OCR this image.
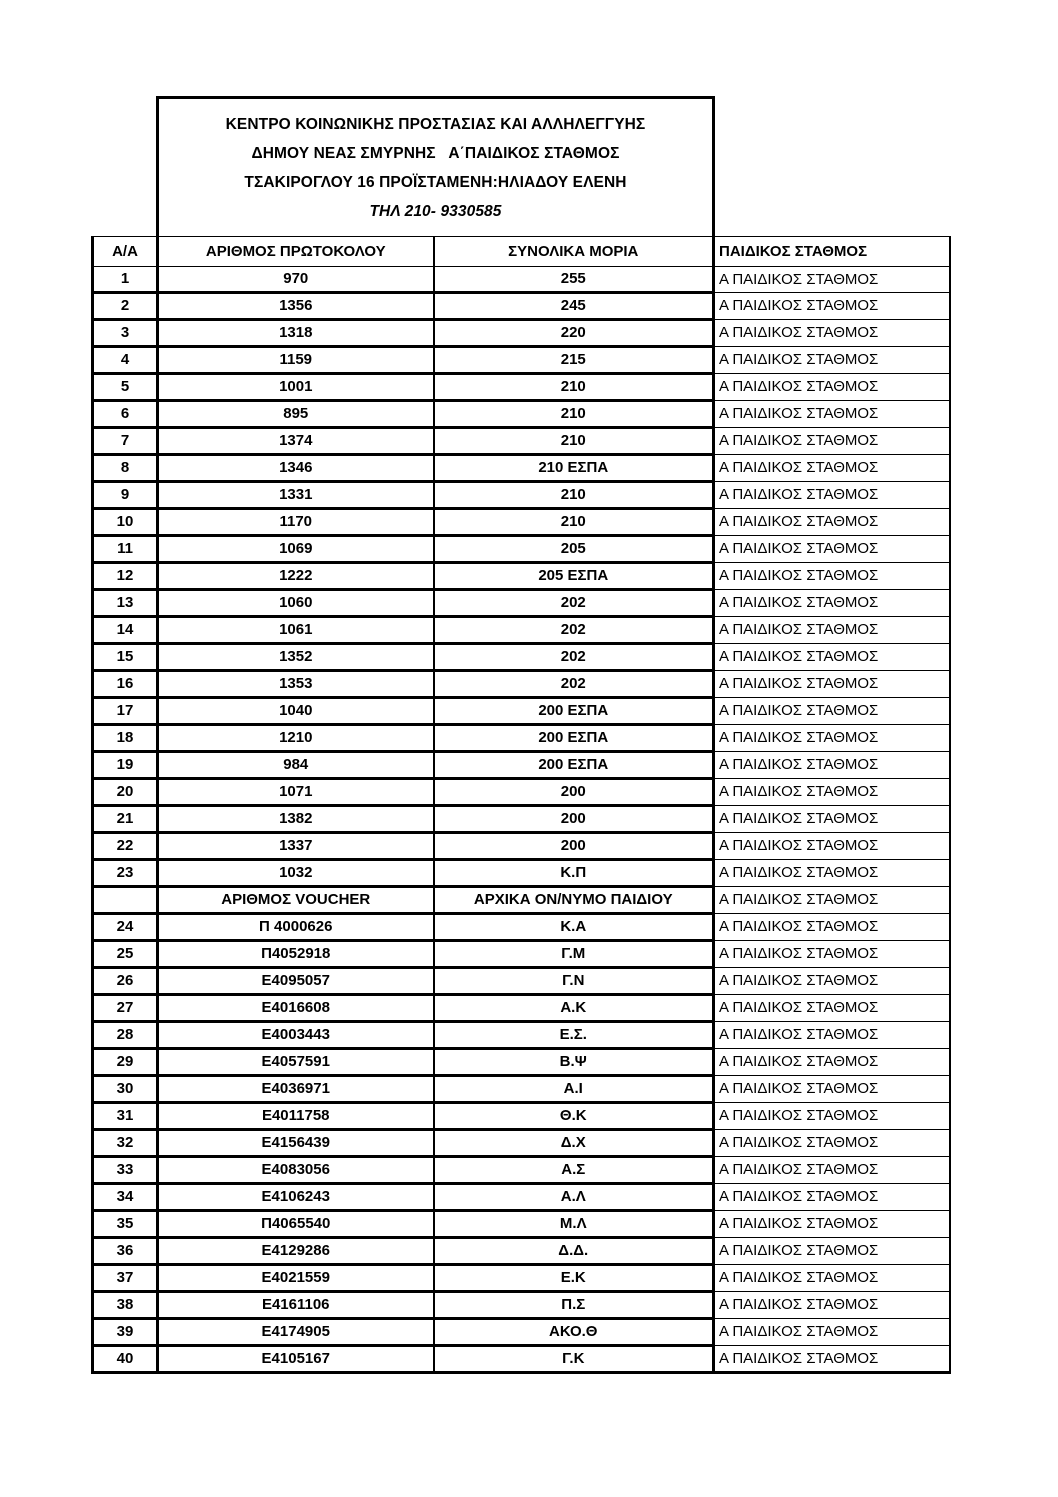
ΚΕΝΤΡΟ ΚΟΙΝΩΝΙΚΗΣ ΠΡΟΣΤΑΣΙΑΣ ΚΑΙ ΑΛΛΗΛΕΓΓΥΗΣ
ΔΗΜΟΥ ΝΕΑΣ ΣΜΥΡΝΗΣ   Α΄ΠΑΙΔΙΚΟΣ ΣΤΑΘΜΟΣ
ΤΣΑΚΙΡΟΓΛΟΥ 16 ΠΡΟΪΣΤΑΜΕΝΗ:ΗΛΙΑΔΟΥ ΕΛΕΝΗ
ΤΗΛ 210- 9330585
Α/Α	ΑΡΙΘΜΟΣ ΠΡΩΤΟΚΟΛΟΥ	ΣΥΝΟΛΙΚΑ ΜΟΡΙΑ	ΠΑΙΔΙΚΟΣ ΣΤΑΘΜΟΣ
1	970	255	Α ΠΑΙΔΙΚΟΣ ΣΤΑΘΜΟΣ
2	1356	245	Α ΠΑΙΔΙΚΟΣ ΣΤΑΘΜΟΣ
3	1318	220	Α ΠΑΙΔΙΚΟΣ ΣΤΑΘΜΟΣ
4	1159	215	Α ΠΑΙΔΙΚΟΣ ΣΤΑΘΜΟΣ
5	1001	210	Α ΠΑΙΔΙΚΟΣ ΣΤΑΘΜΟΣ
6	895	210	Α ΠΑΙΔΙΚΟΣ ΣΤΑΘΜΟΣ
7	1374	210	Α ΠΑΙΔΙΚΟΣ ΣΤΑΘΜΟΣ
8	1346	210 ΕΣΠΑ	Α ΠΑΙΔΙΚΟΣ ΣΤΑΘΜΟΣ
9	1331	210	Α ΠΑΙΔΙΚΟΣ ΣΤΑΘΜΟΣ
10	1170	210	Α ΠΑΙΔΙΚΟΣ ΣΤΑΘΜΟΣ
11	1069	205	Α ΠΑΙΔΙΚΟΣ ΣΤΑΘΜΟΣ
12	1222	205 ΕΣΠΑ	Α ΠΑΙΔΙΚΟΣ ΣΤΑΘΜΟΣ
13	1060	202	Α ΠΑΙΔΙΚΟΣ ΣΤΑΘΜΟΣ
14	1061	202	Α ΠΑΙΔΙΚΟΣ ΣΤΑΘΜΟΣ
15	1352	202	Α ΠΑΙΔΙΚΟΣ ΣΤΑΘΜΟΣ
16	1353	202	Α ΠΑΙΔΙΚΟΣ ΣΤΑΘΜΟΣ
17	1040	200 ΕΣΠΑ	Α ΠΑΙΔΙΚΟΣ ΣΤΑΘΜΟΣ
18	1210	200 ΕΣΠΑ	Α ΠΑΙΔΙΚΟΣ ΣΤΑΘΜΟΣ
19	984	200 ΕΣΠΑ	Α ΠΑΙΔΙΚΟΣ ΣΤΑΘΜΟΣ
20	1071	200	Α ΠΑΙΔΙΚΟΣ ΣΤΑΘΜΟΣ
21	1382	200	Α ΠΑΙΔΙΚΟΣ ΣΤΑΘΜΟΣ
22	1337	200	Α ΠΑΙΔΙΚΟΣ ΣΤΑΘΜΟΣ
23	1032	Κ.Π	Α ΠΑΙΔΙΚΟΣ ΣΤΑΘΜΟΣ
	ΑΡΙΘΜΟΣ VOUCHER	ΑΡΧΙΚΑ ΟΝ/ΝΥΜΟ ΠΑΙΔΙΟΥ	Α ΠΑΙΔΙΚΟΣ ΣΤΑΘΜΟΣ
24	Π 4000626	Κ.Α	Α ΠΑΙΔΙΚΟΣ ΣΤΑΘΜΟΣ
25	Π4052918	Γ.Μ	Α ΠΑΙΔΙΚΟΣ ΣΤΑΘΜΟΣ
26	Ε4095057	Γ.Ν	Α ΠΑΙΔΙΚΟΣ ΣΤΑΘΜΟΣ
27	Ε4016608	Α.Κ	Α ΠΑΙΔΙΚΟΣ ΣΤΑΘΜΟΣ
28	Ε4003443	Ε.Σ.	Α ΠΑΙΔΙΚΟΣ ΣΤΑΘΜΟΣ
29	Ε4057591	Β.Ψ	Α ΠΑΙΔΙΚΟΣ ΣΤΑΘΜΟΣ
30	Ε4036971	Α.Ι	Α ΠΑΙΔΙΚΟΣ ΣΤΑΘΜΟΣ
31	Ε4011758	Θ.Κ	Α ΠΑΙΔΙΚΟΣ ΣΤΑΘΜΟΣ
32	Ε4156439	Δ.Χ	Α ΠΑΙΔΙΚΟΣ ΣΤΑΘΜΟΣ
33	Ε4083056	Α.Σ	Α ΠΑΙΔΙΚΟΣ ΣΤΑΘΜΟΣ
34	Ε4106243	Α.Λ	Α ΠΑΙΔΙΚΟΣ ΣΤΑΘΜΟΣ
35	Π4065540	Μ.Λ	Α ΠΑΙΔΙΚΟΣ ΣΤΑΘΜΟΣ
36	Ε4129286	Δ.Δ.	Α ΠΑΙΔΙΚΟΣ ΣΤΑΘΜΟΣ
37	Ε4021559	Ε.Κ	Α ΠΑΙΔΙΚΟΣ ΣΤΑΘΜΟΣ
38	Ε4161106	Π.Σ	Α ΠΑΙΔΙΚΟΣ ΣΤΑΘΜΟΣ
39	Ε4174905	ΑΚΟ.Θ	Α ΠΑΙΔΙΚΟΣ ΣΤΑΘΜΟΣ
40	Ε4105167	Γ.Κ	Α ΠΑΙΔΙΚΟΣ ΣΤΑΘΜΟΣ
